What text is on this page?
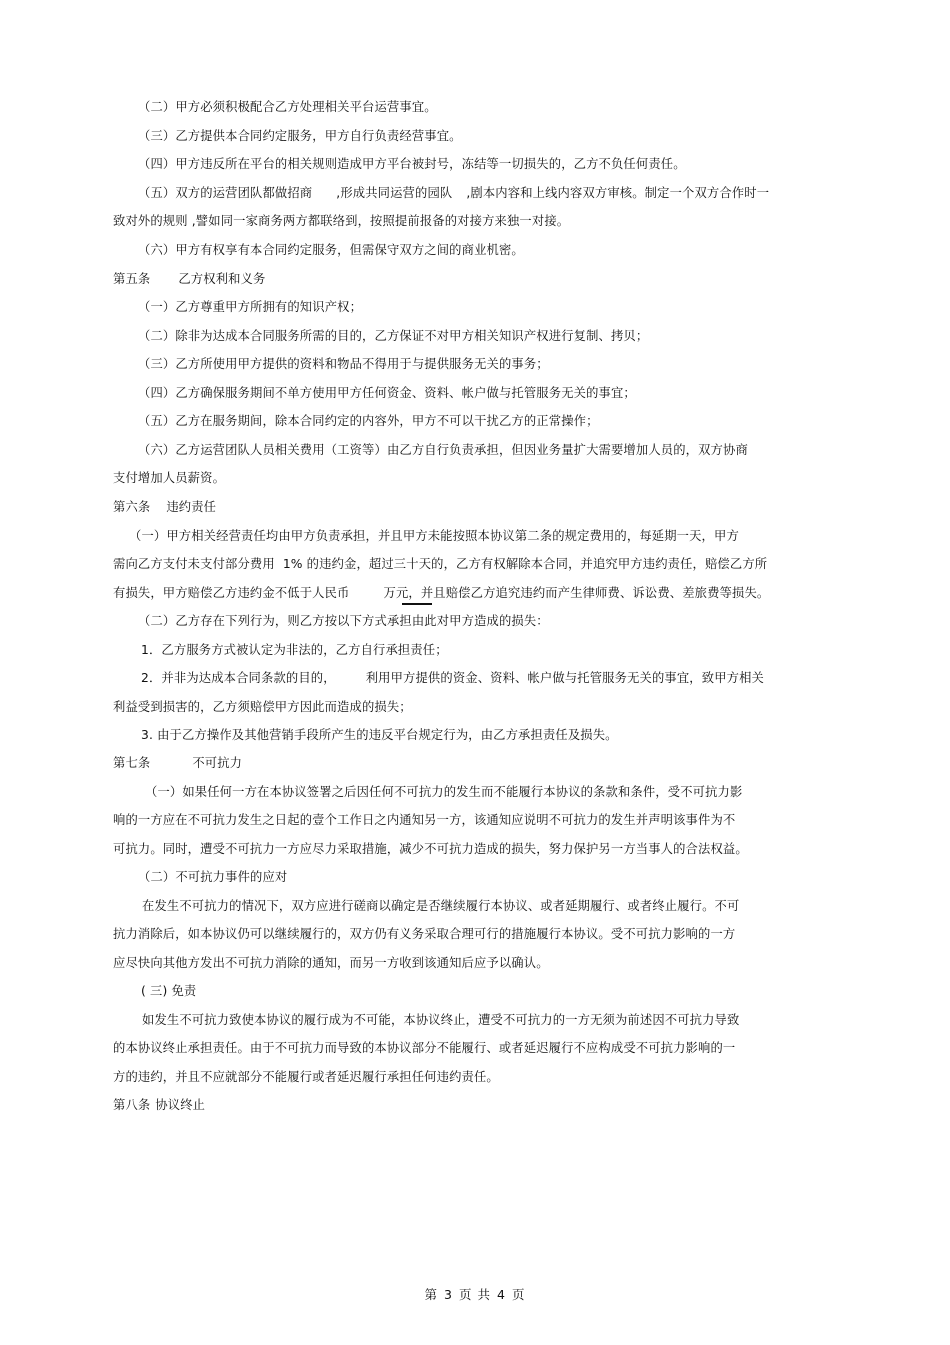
（二）甲方必须积极配合乙方处理相关平台运营事宜。
（三）乙方提供本合同约定服务，甲方自行负责经营事宜。
（四）甲方违反所在平台的相关规则造成甲方平台被封号，冻结等一切损失的，乙方不负任何责任。
（五）双方的运营团队都做招商 ,形成共同运营的园队 ,剧本内容和上线内容双方审核。制定一个双方合作时一
致对外的规则 ,譬如同一家商务两方都联络到，按照提前报备的对接方来独一对接。
（六）甲方有权享有本合同约定服务，但需保守双方之间的商业机密。
第五条 乙方权利和义务
（一）乙方尊重甲方所拥有的知识产权；
（二）除非为达成本合同服务所需的目的，乙方保证不对甲方相关知识产权进行复制、拷贝；
（三）乙方所使用甲方提供的资料和物品不得用于与提供服务无关的事务；
（四）乙方确保服务期间不单方使用甲方任何资金、资料、帐户做与托管服务无关的事宜；
（五）乙方在服务期间，除本合同约定的内容外，甲方不可以干扰乙方的正常操作；
（六）乙方运营团队人员相关费用（工资等）由乙方自行负责承担，但因业务量扩大需要增加人员的，双方协商
支付增加人员薪资。
第六条 违约责任
（一）甲方相关经营责任均由甲方负责承担，并且甲方未能按照本协议第二条的规定费用的，每延期一天，甲方
需向乙方支付未支付部分费用 1% 的违约金，超过三十天的，乙方有权解除本合同，并追究甲方违约责任，赔偿乙方所
有损失，甲方赔偿乙方违约金不低于人民币	万元，并且赔偿乙方追究违约而产生律师费、诉讼费、差旅费等损失。
（二）乙方存在下列行为，则乙方按以下方式承担由此对甲方造成的损失：
1．乙方服务方式被认定为非法的，乙方自行承担责任；
2．并非为达成本合同条款的目的， 利用甲方提供的资金、资料、帐户做与托管服务无关的事宜，致甲方相关
利益受到损害的，乙方须赔偿甲方因此而造成的损失；
3. 由于乙方操作及其他营销手段所产生的违反平台规定行为，由乙方承担责任及损失。
第七条	不可抗力
（一）如果任何一方在本协议签署之后因任何不可抗力的发生而不能履行本协议的条款和条件，受不可抗力影
响的一方应在不可抗力发生之日起的壹个工作日之内通知另一方，该通知应说明不可抗力的发生并声明该事件为不
可抗力。同时，遭受不可抗力一方应尽力采取措施，减少不可抗力造成的损失，努力保护另一方当事人的合法权益。
（二）不可抗力事件的应对
在发生不可抗力的情况下，双方应进行磋商以确定是否继续履行本协议、或者延期履行、或者终止履行。不可
抗力消除后，如本协议仍可以继续履行的，双方仍有义务采取合理可行的措施履行本协议。受不可抗力影响的一方
应尽快向其他方发出不可抗力消除的通知，而另一方收到该通知后应予以确认。
( 三) 免责
如发生不可抗力致使本协议的履行成为不可能，本协议终止，遭受不可抗力的一方无须为前述因不可抗力导致
的本协议终止承担责任。由于不可抗力而导致的本协议部分不能履行、或者延迟履行不应构成受不可抗力影响的一
方的违约，并且不应就部分不能履行或者延迟履行承担任何违约责任。
第八条 协议终止
第 3 页 共 4 页
